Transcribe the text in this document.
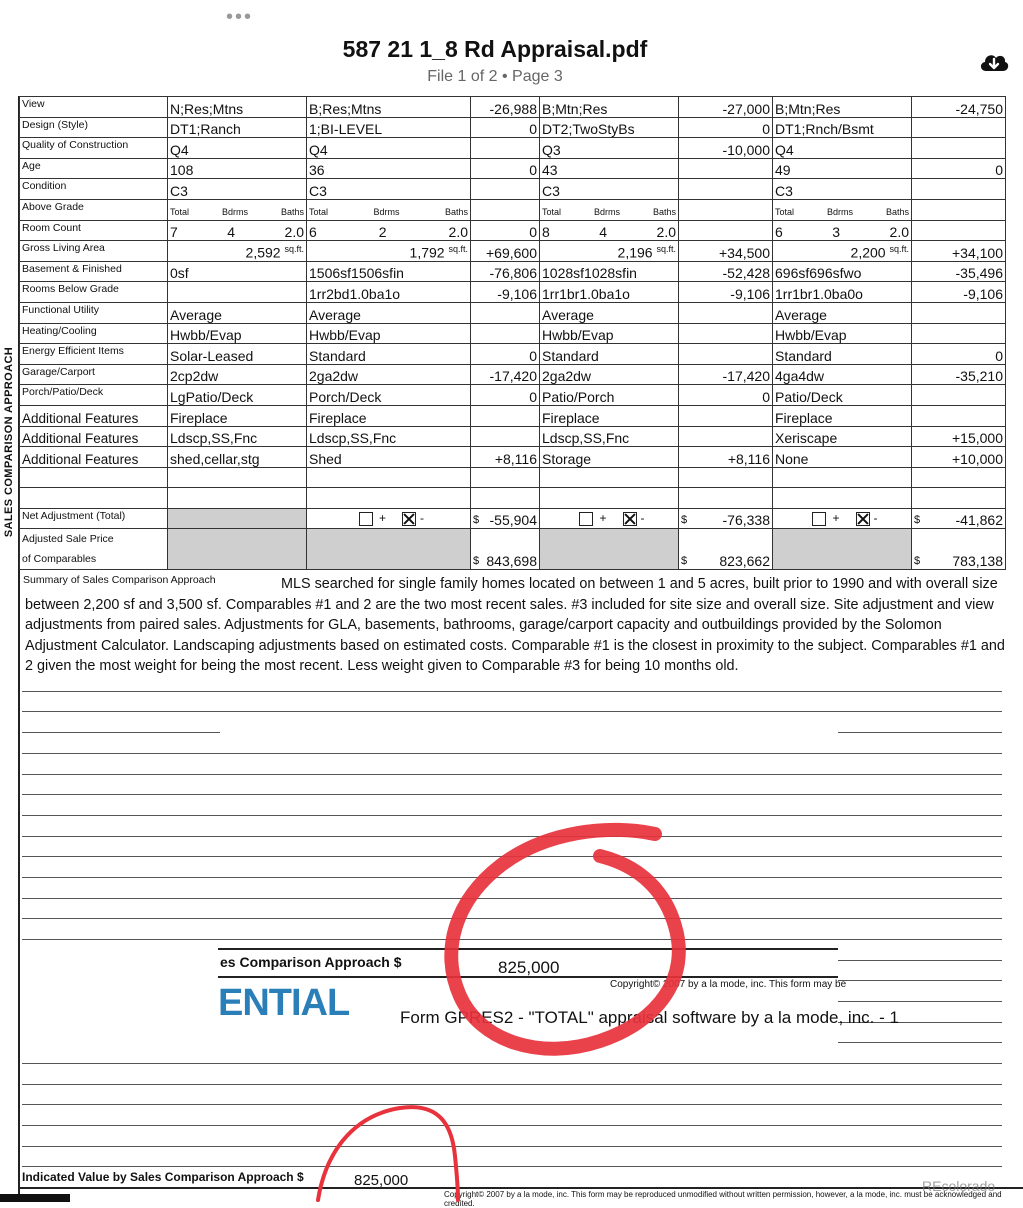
•••
587 21 1_8 Rd Appraisal.pdf
File 1 of 2 • Page 3
SALES COMPARISON APPROACH
View	N;Res;Mtns	B;Res;Mtns	-26,988	B;Mtn;Res	-27,000	B;Mtn;Res	-24,750
Design (Style)	DT1;Ranch	1;BI-LEVEL	0	DT2;TwoStyBs	0	DT1;Rnch/Bsmt	
Quality of Construction	Q4	Q4		Q3	-10,000	Q4	
Age	108	36	0	43		49	0
Condition	C3	C3		C3		C3	
Above Grade	Total Bdrms Baths	Total Bdrms Baths		Total Bdrms Baths		Total Bdrms Baths	

Room Count	7 4 2.0	6 2 2.0	0	8 4 2.0		6 3 2.0	

Gross Living Area	2,592 $^{sq.ft.}$	1,792 $^{sq.ft.}$	+69,600	2,196 $^{sq.ft.}$	+34,500	2,200 $^{sq.ft.}$	+34,100
Basement & Finished	0sf	1506sf1506sfin	-76,806	1028sf1028sfin	-52,428	696sf696sfwo	-35,496
Rooms Below Grade		1rr2bd1.0ba1o	-9,106	1rr1br1.0ba1o	-9,106	1rr1br1.0ba0o	-9,106
Functional Utility	Average	Average		Average		Average	
Heating/Cooling	Hwbb/Evap	Hwbb/Evap		Hwbb/Evap		Hwbb/Evap	
Energy Efficient Items	Solar-Leased	Standard	0	Standard		Standard	0
Garage/Carport	2cp2dw	2ga2dw	-17,420	2ga2dw	-17,420	4ga4dw	-35,210
Porch/Patio/Deck	LgPatio/Deck	Porch/Deck	0	Patio/Porch	0	Patio/Deck	
Additional Features	Fireplace	Fireplace		Fireplace		Fireplace	
Additional Features	Ldscp,SS,Fnc	Ldscp,SS,Fnc		Ldscp,SS,Fnc		Xeriscape	+15,000
Additional Features	shed,cellar,stg	Shed	+8,116	Storage	+8,116	None	+10,000

Net Adjustment (Total)		+ -	$ -55,904	+ -	$ -76,338	+ -	$ -41,862

Adjusted Sale Price
of Comparables			$ 843,698		$ 823,662		$ 783,138
Summary of Sales Comparison Approach	MLS searched for single family homes located on between 1 and 5 acres, built prior to 1990 and with overall size between 2,200 sf and 3,500 sf. Comparables #1 and 2 are the two most recent sales. #3 included for site size and overall size. Site adjustment and view adjustments from paired sales. Adjustments for GLA, basements, bathrooms, garage/carport capacity and outbuildings provided by the Solomon Adjustment Calculator. Landscaping adjustments based on estimated costs. Comparable #1 is the closest in proximity to the subject. Comparables #1 and 2 given the most weight for being the most recent. Less weight given to Comparable #3 for being 10 months old.
es Comparison Approach $	825,000
Copyright© 2007 by a la mode, inc. This form may be
ENTIAL	Form GPRES2 - "TOTAL" appraisal software by a la mode, inc. - 1
Indicated Value by Sales Comparison Approach $	825,000
Copyright© 2007 by a la mode, inc. This form may be reproduced unmodified without written permission, however, a la mode, inc. must be acknowledged and credited.
REcolorado
